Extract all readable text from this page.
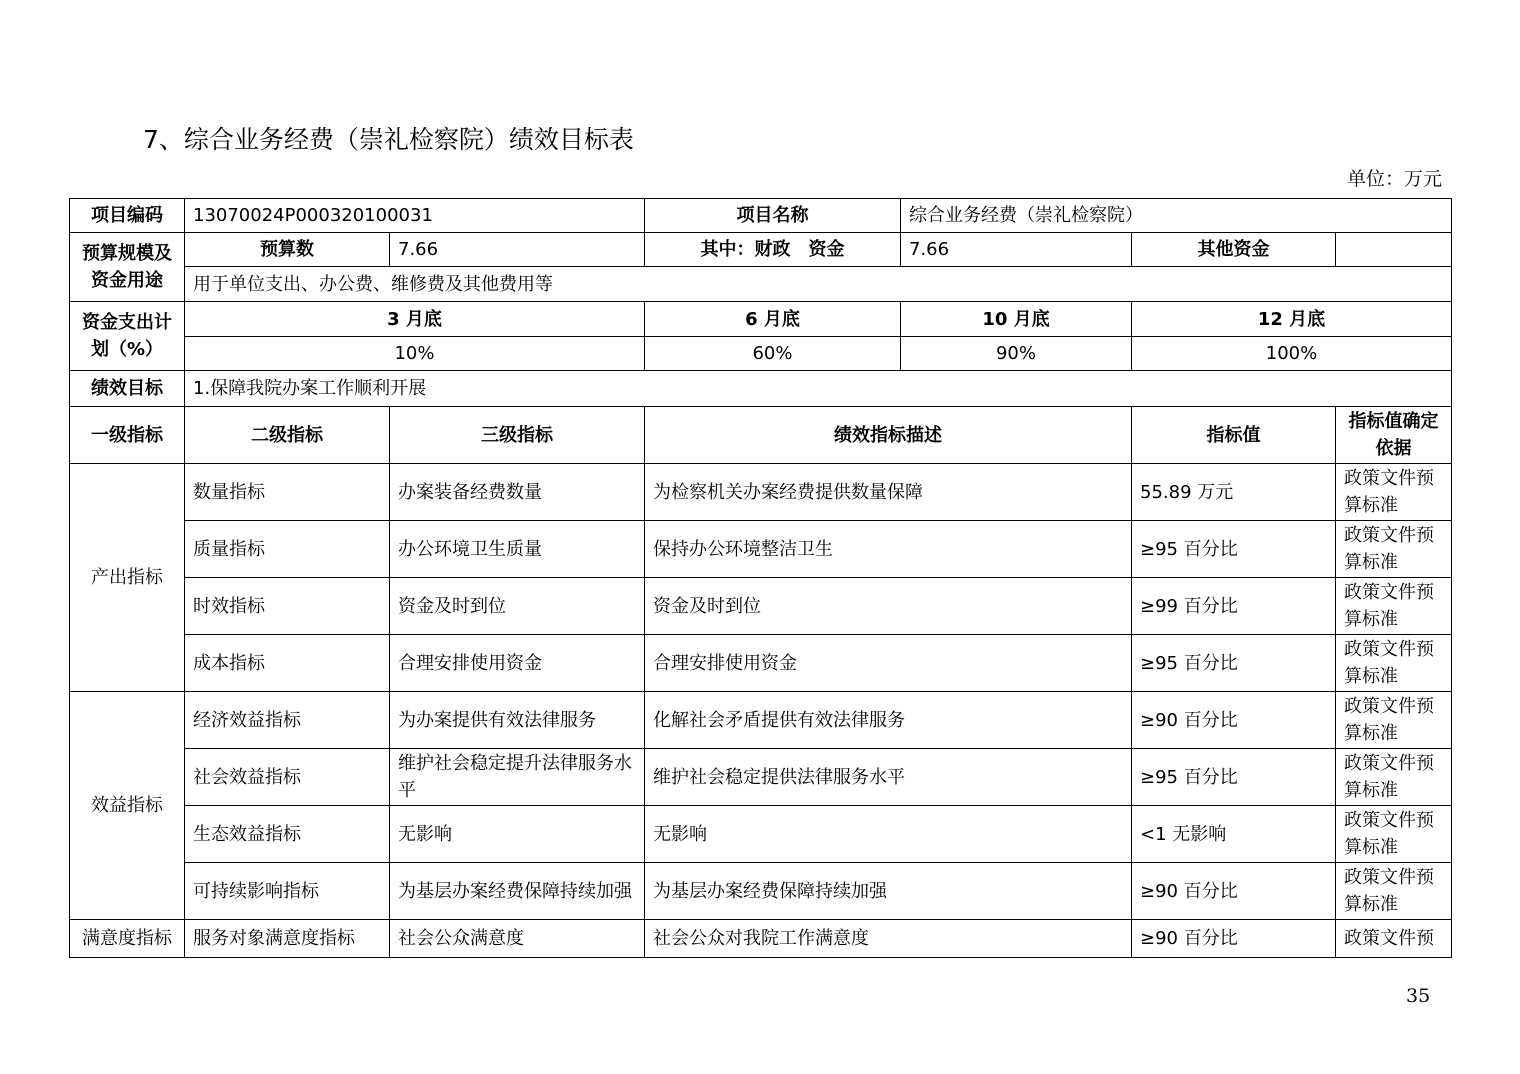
7、综合业务经费（崇礼检察院）绩效目标表
单位：万元
项目编码	13070024P000320100031		项目名称	综合业务经费（崇礼检察院）		
预算规模及资金用途	预算数	7.66	其中：财政　资金	7.66	其他资金	
	用于单位支出、办公费、维修费及其他费用等					
资金支出计划（%）	3 月底		6 月底	10 月底	12 月底	
	10%		60%	90%	100%	
绩效目标	1.保障我院办案工作顺利开展					
一级指标	二级指标	三级指标	绩效指标描述		指标值	指标值确定依据
产出指标	数量指标	办案装备经费数量	为检察机关办案经费提供数量保障		55.89 万元	政策文件预算标准
	质量指标	办公环境卫生质量	保持办公环境整洁卫生		≥95 百分比	政策文件预算标准
	时效指标	资金及时到位	资金及时到位		≥99 百分比	政策文件预算标准
	成本指标	合理安排使用资金	合理安排使用资金		≥95 百分比	政策文件预算标准
效益指标	经济效益指标	为办案提供有效法律服务	化解社会矛盾提供有效法律服务		≥90 百分比	政策文件预算标准
	社会效益指标	维护社会稳定提升法律服务水平	维护社会稳定提供法律服务水平		≥95 百分比	政策文件预算标准
	生态效益指标	无影响	无影响		<1 无影响	政策文件预算标准
	可持续影响指标	为基层办案经费保障持续加强	为基层办案经费保障持续加强		≥90 百分比	政策文件预算标准
满意度指标	服务对象满意度指标	社会公众满意度	社会公众对我院工作满意度		≥90 百分比	政策文件预
35
